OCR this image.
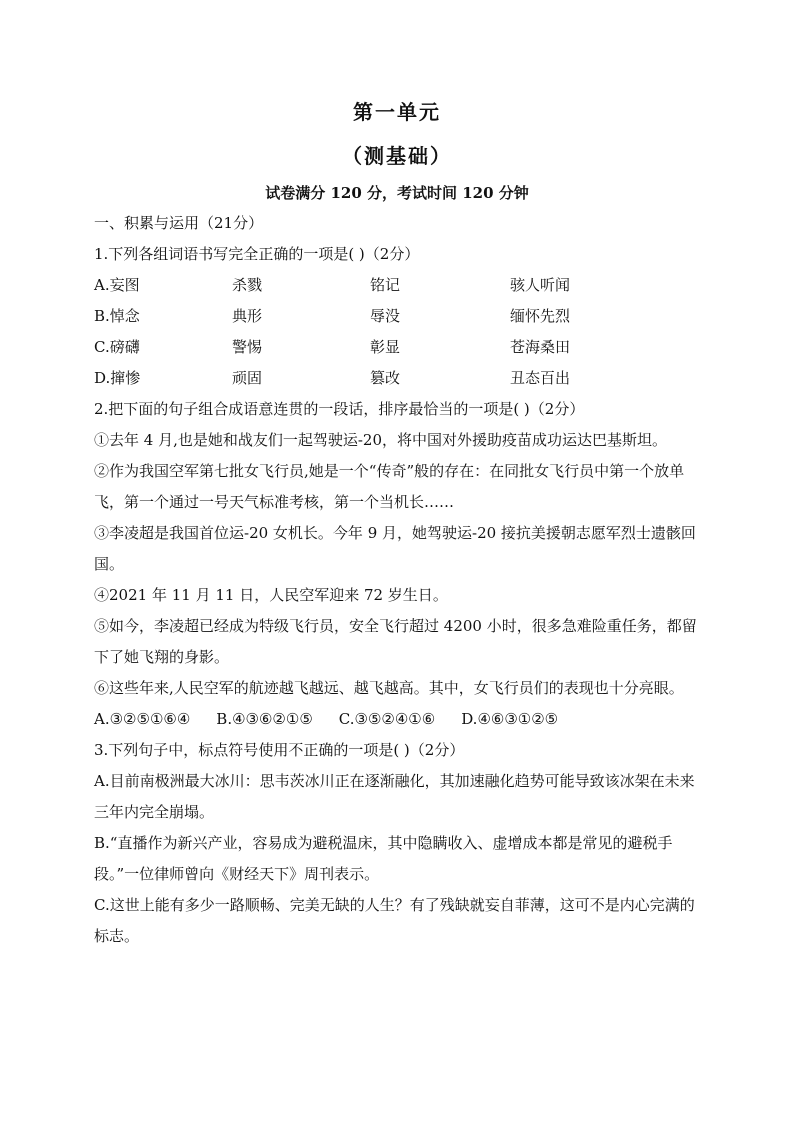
第一单元
（测基础）
试卷满分 120 分，考试时间 120 分钟
一、积累与运用（21分）
1.下列各组词语书写完全正确的一项是( )（2分）
A.妄图	杀戮	铭记	骇人听闻
B.悼念	典形	辱没	缅怀先烈
C.磅礴	警惕	彰显	苍海桑田
D.撺惨	顽固	篡改	丑态百出
2.把下面的句子组合成语意连贯的一段话，排序最恰当的一项是( )（2分）
①去年 4 月,也是她和战友们一起驾驶运-20，将中国对外援助疫苗成功运达巴基斯坦。
②作为我国空军第七批女飞行员,她是一个“传奇”般的存在：在同批女飞行员中第一个放单飞，第一个通过一号天气标准考核，第一个当机长……
③李凌超是我国首位运-20 女机长。今年 9 月，她驾驶运-20 接抗美援朝志愿军烈士遗骸回国。
④2021 年 11 月 11 日，人民空军迎来 72 岁生日。
⑤如今，李凌超已经成为特级飞行员，安全飞行超过 4200 小时，很多急难险重任务，都留下了她飞翔的身影。
⑥这些年来,人民空军的航迹越飞越远、越飞越高。其中，女飞行员们的表现也十分亮眼。
A.③②⑤①⑥④ B.④③⑥②①⑤ C.③⑤②④①⑥ D.④⑥③①②⑤
3.下列句子中，标点符号使用不正确的一项是( )（2分）
A.目前南极洲最大冰川：思韦茨冰川正在逐渐融化，其加速融化趋势可能导致该冰架在未来三年内完全崩塌。
B.“直播作为新兴产业，容易成为避税温床，其中隐瞒收入、虚增成本都是常见的避税手段。”一位律师曾向《财经天下》周刊表示。
C.这世上能有多少一路顺畅、完美无缺的人生？有了残缺就妄自菲薄，这可不是内心完满的标志。
